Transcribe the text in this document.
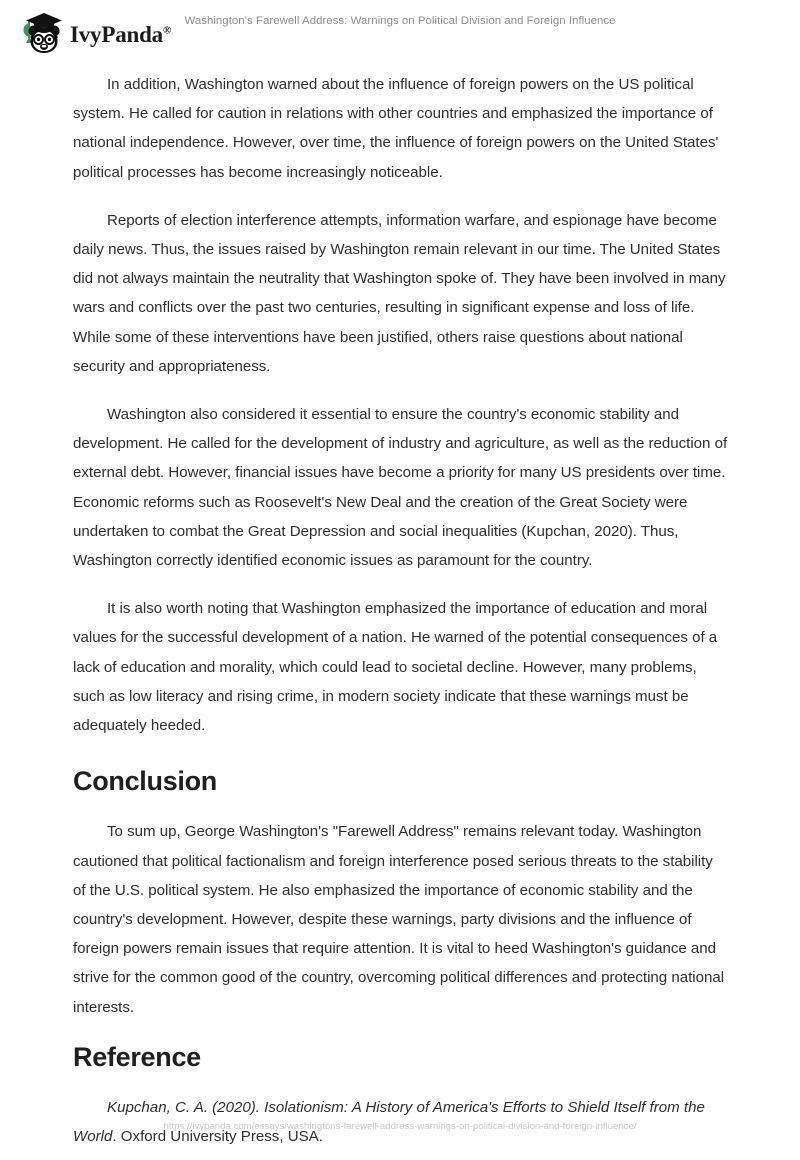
IvyPanda®
Washington’s Farewell Address: Warnings on Political Division and Foreign Influence

In addition, Washington warned about the influence of foreign powers on the US political system. He called for caution in relations with other countries and emphasized the importance of national independence. However, over time, the influence of foreign powers on the United States' political processes has become increasingly noticeable.

Reports of election interference attempts, information warfare, and espionage have become daily news. Thus, the issues raised by Washington remain relevant in our time. The United States did not always maintain the neutrality that Washington spoke of. They have been involved in many wars and conflicts over the past two centuries, resulting in significant expense and loss of life. While some of these interventions have been justified, others raise questions about national security and appropriateness.

Washington also considered it essential to ensure the country's economic stability and development. He called for the development of industry and agriculture, as well as the reduction of external debt. However, financial issues have become a priority for many US presidents over time. Economic reforms such as Roosevelt's New Deal and the creation of the Great Society were undertaken to combat the Great Depression and social inequalities (Kupchan, 2020). Thus, Washington correctly identified economic issues as paramount for the country.

It is also worth noting that Washington emphasized the importance of education and moral values for the successful development of a nation. He warned of the potential consequences of a lack of education and morality, which could lead to societal decline. However, many problems, such as low literacy and rising crime, in modern society indicate that these warnings must be adequately heeded.

Conclusion

To sum up, George Washington's "Farewell Address" remains relevant today. Washington cautioned that political factionalism and foreign interference posed serious threats to the stability of the U.S. political system. He also emphasized the importance of economic stability and the country's development. However, despite these warnings, party divisions and the influence of foreign powers remain issues that require attention. It is vital to heed Washington's guidance and strive for the common good of the country, overcoming political differences and protecting national interests.

Reference

Kupchan, C. A. (2020). Isolationism: A History of America's Efforts to Shield Itself from the World. Oxford University Press, USA.

https://ivypanda.com/essays/washingtons-farewell-address-warnings-on-political-division-and-foreign-influence/
